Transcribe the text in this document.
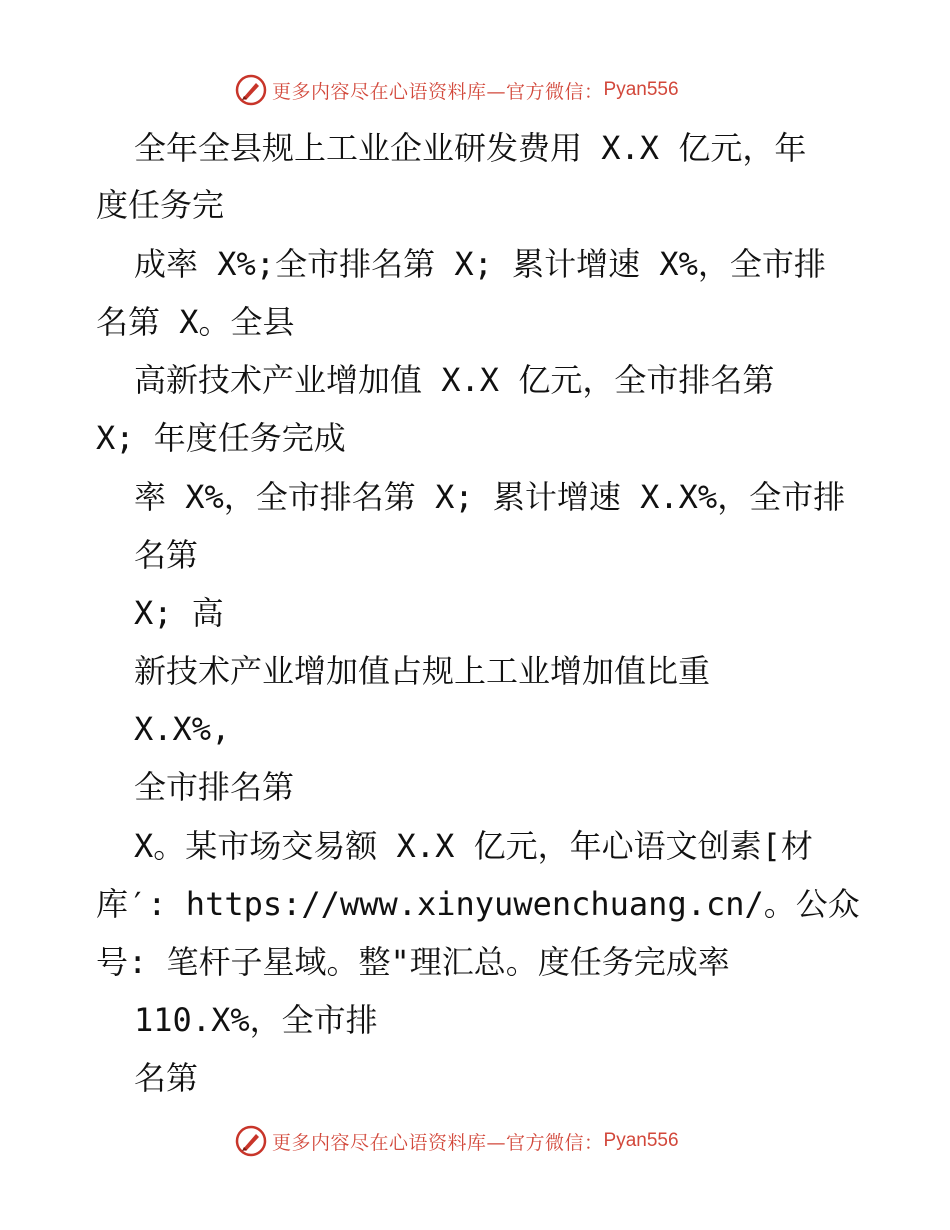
更多内容尽在心语资料库—官方微信： Pyan556
全年全县规上工业企业研发费用 X.X 亿元，年
度任务完
成率 X%;全市排名第 X; 累计增速 X%，全市排
名第 X。全县
高新技术产业增加值 X.X 亿元，全市排名第
X; 年度任务完成
率 X%，全市排名第 X; 累计增速 X.X%，全市排
名第
X; 高
新技术产业增加值占规上工业增加值比重
X.X%,
全市排名第
X。某市场交易额 X.X 亿元，年心语文创素[材
库′: https://www.xinyuwenchuang.cn/。公众
号: 笔杆子星域。整"理汇总。度任务完成率
110.X%，全市排
名第
更多内容尽在心语资料库—官方微信： Pyan556
